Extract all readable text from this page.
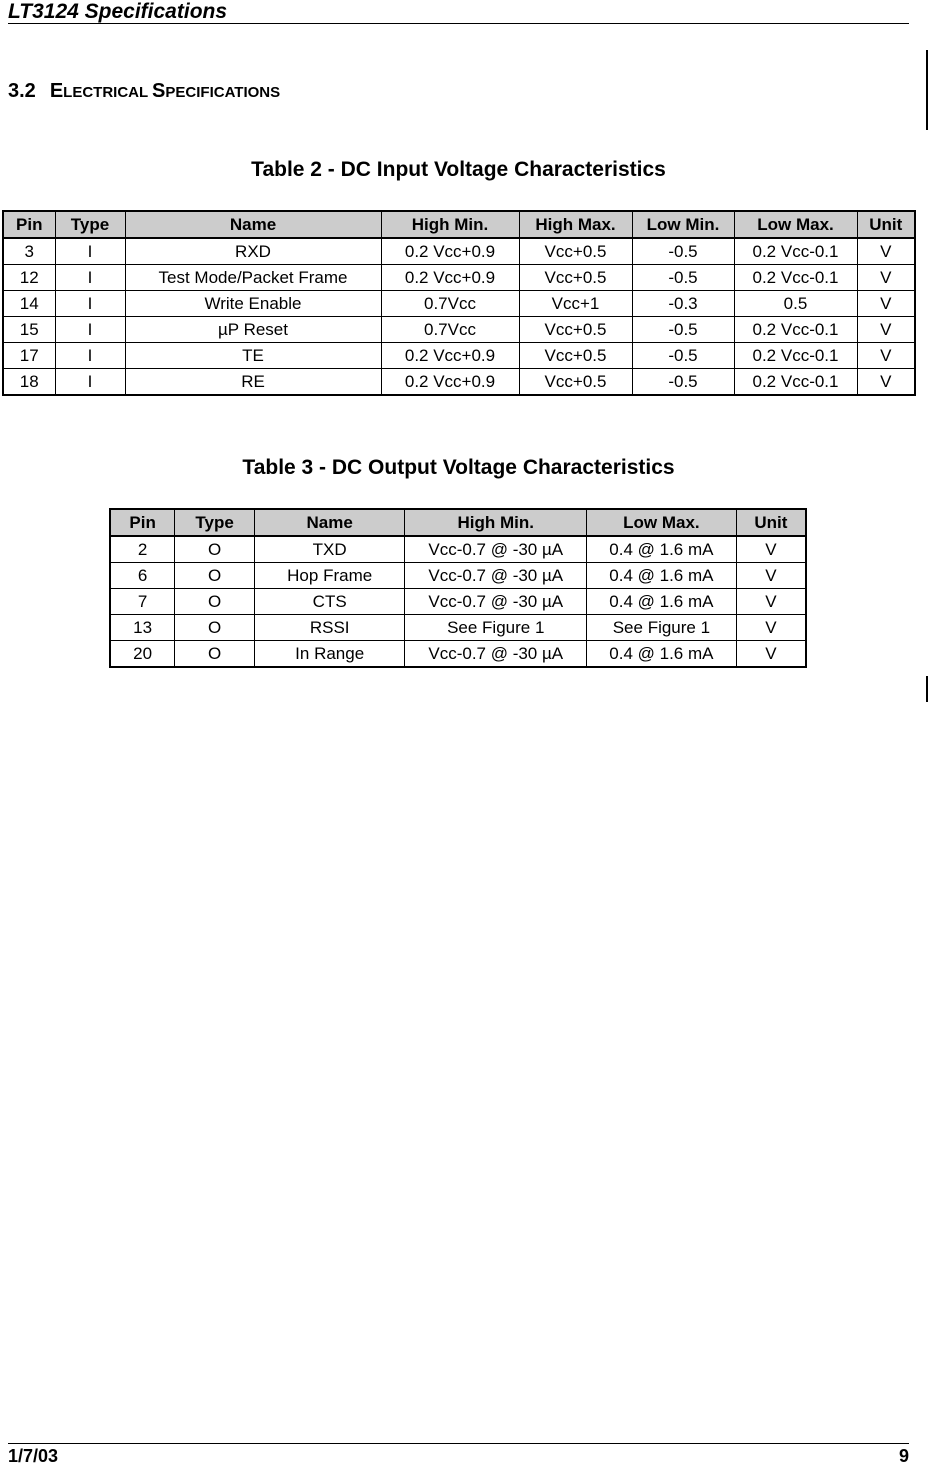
LT3124 Specifications
3.2 ELECTRICAL SPECIFICATIONS
Table 2 - DC Input Voltage Characteristics
Pin	Type	Name	High Min.	High Max.	Low Min.	Low Max.	Unit
3	I	RXD	0.2 Vcc+0.9	Vcc+0.5	-0.5	0.2 Vcc-0.1	V
12	I	Test Mode/Packet Frame	0.2 Vcc+0.9	Vcc+0.5	-0.5	0.2 Vcc-0.1	V
14	I	Write Enable	0.7Vcc	Vcc+1	-0.3	0.5	V
15	I	µP Reset	0.7Vcc	Vcc+0.5	-0.5	0.2 Vcc-0.1	V
17	I	TE	0.2 Vcc+0.9	Vcc+0.5	-0.5	0.2 Vcc-0.1	V
18	I	RE	0.2 Vcc+0.9	Vcc+0.5	-0.5	0.2 Vcc-0.1	V
Table 3 - DC Output Voltage Characteristics
Pin	Type	Name	High Min.	Low Max.	Unit
2	O	TXD	Vcc-0.7 @ -30 µA	0.4 @ 1.6 mA	V
6	O	Hop Frame	Vcc-0.7 @ -30 µA	0.4 @ 1.6 mA	V
7	O	CTS	Vcc-0.7 @ -30 µA	0.4 @ 1.6 mA	V
13	O	RSSI	See Figure 1	See Figure 1	V
20	O	In Range	Vcc-0.7 @ -30 µA	0.4 @ 1.6 mA	V
1/7/03	9
